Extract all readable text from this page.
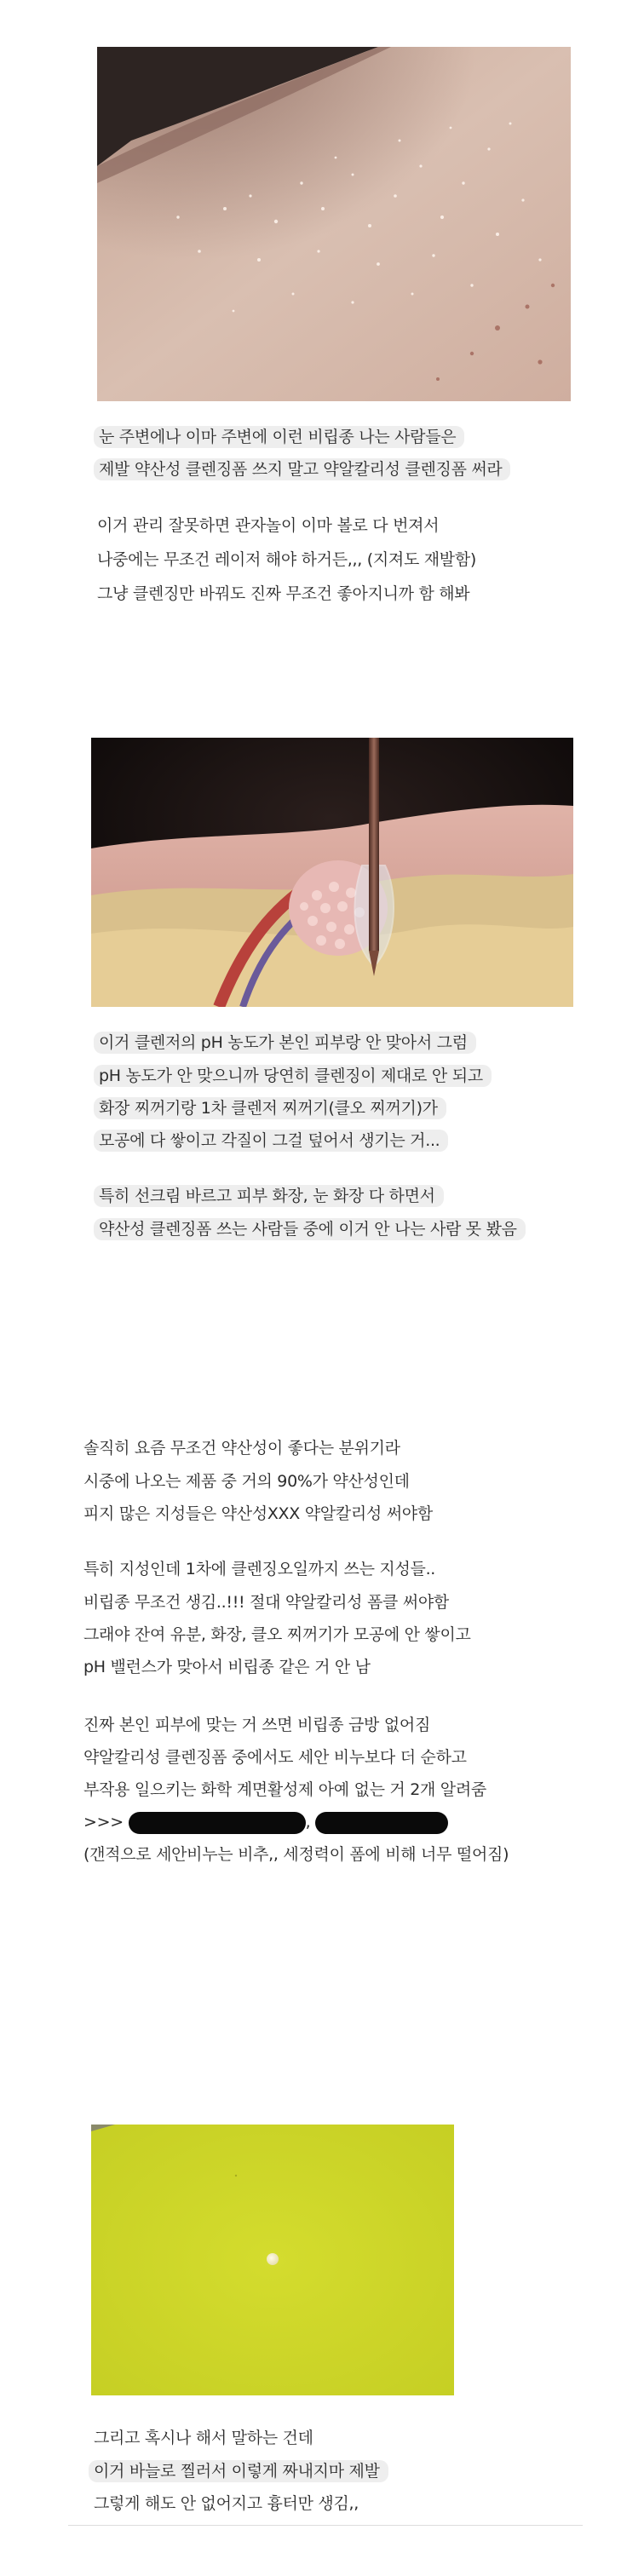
눈 주변에나 이마 주변에 이런 비립종 나는 사람들은
제발 약산성 클렌징폼 쓰지 말고 약알칼리성 클렌징폼 써라
이거 관리 잘못하면 관자놀이 이마 볼로 다 번져서
나중에는 무조건 레이저 해야 하거든,,, (지져도 재발함)
그냥 클렌징만 바꿔도 진짜 무조건 좋아지니까 함 해봐
이거 클렌저의 pH 농도가 본인 피부랑 안 맞아서 그럼
pH 농도가 안 맞으니까 당연히 클렌징이 제대로 안 되고
화장 찌꺼기랑 1차 클렌저 찌꺼기(클오 찌꺼기)가
모공에 다 쌓이고 각질이 그걸 덮어서 생기는 거...
특히 선크림 바르고 피부 화장, 눈 화장 다 하면서
약산성 클렌징폼 쓰는 사람들 중에 이거 안 나는 사람 못 봤음
솔직히 요즘 무조건 약산성이 좋다는 분위기라
시중에 나오는 제품 중 거의 90%가 약산성인데
피지 많은 지성들은 약산성XXX 약알칼리성 써야함
특히 지성인데 1차에 클렌징오일까지 쓰는 지성들..
비립종 무조건 생김..!!! 절대 약알칼리성 폼클 써야함
그래야 잔여 유분, 화장, 클오 찌꺼기가 모공에 안 쌓이고
pH 밸런스가 맞아서 비립종 같은 거 안 남
진짜 본인 피부에 맞는 거 쓰면 비립종 금방 없어짐
약알칼리성 클렌징폼 중에서도 세안 비누보다 더 순하고
부작용 일으키는 화학 계면활성제 아예 없는 거 2개 알려줌
>>>	,
(갠적으로 세안비누는 비추,, 세정력이 폼에 비해 너무 떨어짐)
그리고 혹시나 해서 말하는 건데
이거 바늘로 찔러서 이렇게 짜내지마 제발
그렇게 해도 안 없어지고 흉터만 생김,,
